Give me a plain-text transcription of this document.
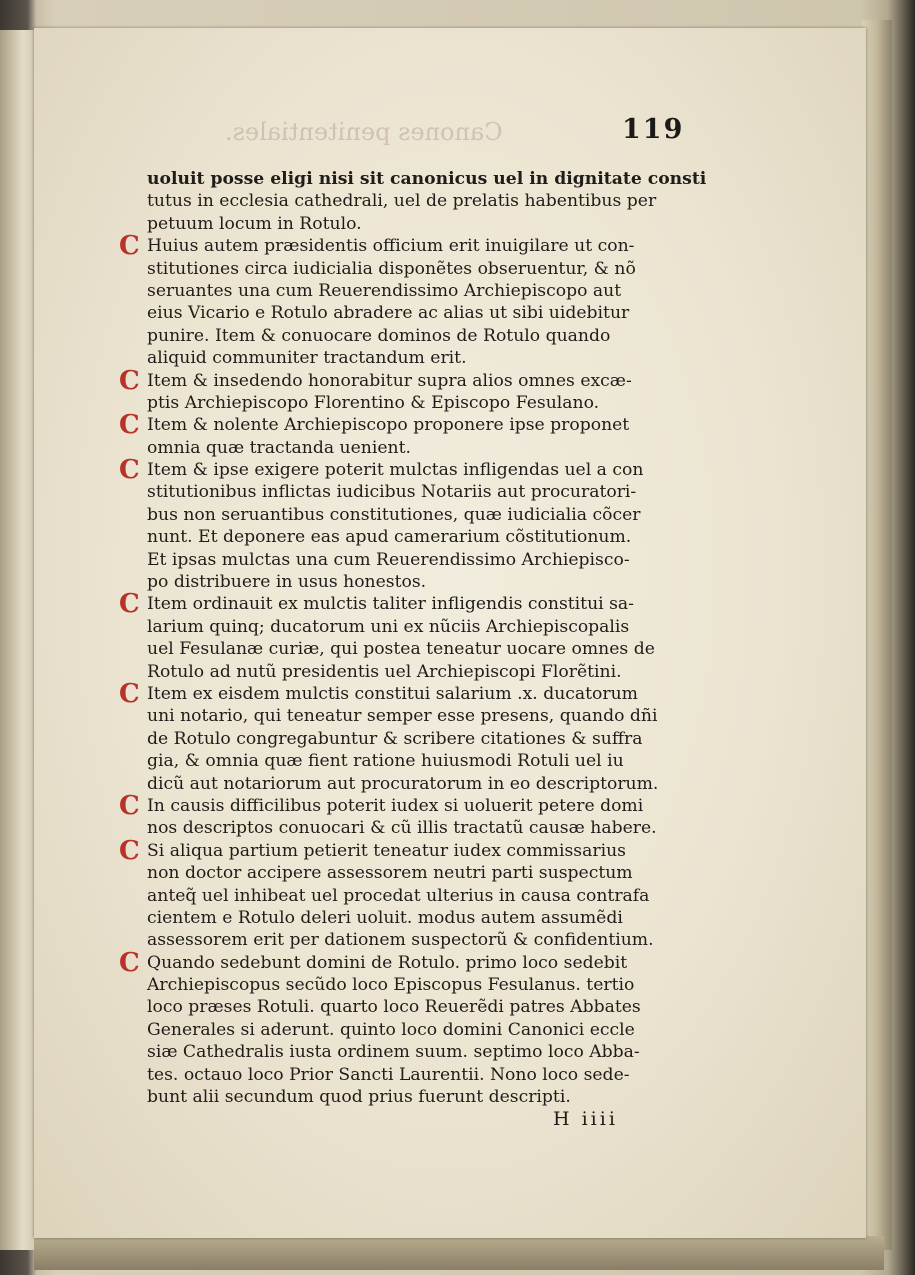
Canones penitentiales.	119
uoluit posse eligi nisi sit canonicus uel in dignitate consti
tutus in ecclesia cathedrali, uel de prelatis habentibus per
petuum locum in Rotulo.
C Huius autem præsidentis officium erit inuigilare ut con-
stitutiones circa iudicialia disponẽtes obseruentur, & nõ
seruantes una cum Reuerendissimo Archiepiscopo aut
eius Vicario e Rotulo abradere ac alias ut sibi uidebitur
punire. Item & conuocare dominos de Rotulo quando
aliquid communiter tractandum erit.
C Item & insedendo honorabitur supra alios omnes excæ-
ptis Archiepiscopo Florentino & Episcopo Fesulano.
C Item & nolente Archiepiscopo proponere ipse proponet
omnia quæ tractanda uenient.
C Item & ipse exigere poterit mulctas infligendas uel a con
stitutionibus inflictas iudicibus Notariis aut procuratori-
bus non seruantibus constitutiones, quæ iudicialia cõcer
nunt. Et deponere eas apud camerarium cõstitutionum.
Et ipsas mulctas una cum Reuerendissimo Archiepisco-
po distribuere in usus honestos.
C Item ordinauit ex mulctis taliter infligendis constitui sa-
larium quinq; ducatorum uni ex nũciis Archiepiscopalis
uel Fesulanæ curiæ, qui postea teneatur uocare omnes de
Rotulo ad nutũ presidentis uel Archiepiscopi Florẽtini.
C Item ex eisdem mulctis constitui salarium .x. ducatorum
uni notario, qui teneatur semper esse presens, quando dñi
de Rotulo congregabuntur & scribere citationes & suffra
gia, & omnia quæ fient ratione huiusmodi Rotuli uel iu
dicũ aut notariorum aut procuratorum in eo descriptorum.
C In causis difficilibus poterit iudex si uoluerit petere domi
nos descriptos conuocari & cũ illis tractatũ causæ habere.
C Si aliqua partium petierit teneatur iudex commissarius
non doctor accipere assessorem neutri parti suspectum
anteq̃ uel inhibeat uel procedat ulterius in causa contrafa
cientem e Rotulo deleri uoluit. modus autem assumẽdi
assessorem erit per dationem suspectorũ & confidentium.
C Quando sedebunt domini de Rotulo. primo loco sedebit
Archiepiscopus secũdo loco Episcopus Fesulanus. tertio
loco præses Rotuli. quarto loco Reuerẽdi patres Abbates
Generales si aderunt. quinto loco domini Canonici eccle
siæ Cathedralis iusta ordinem suum. septimo loco Abba-
tes. octauo loco Prior Sancti Laurentii. Nono loco sede-
bunt alii secundum quod prius fuerunt descripti.
H iiii
